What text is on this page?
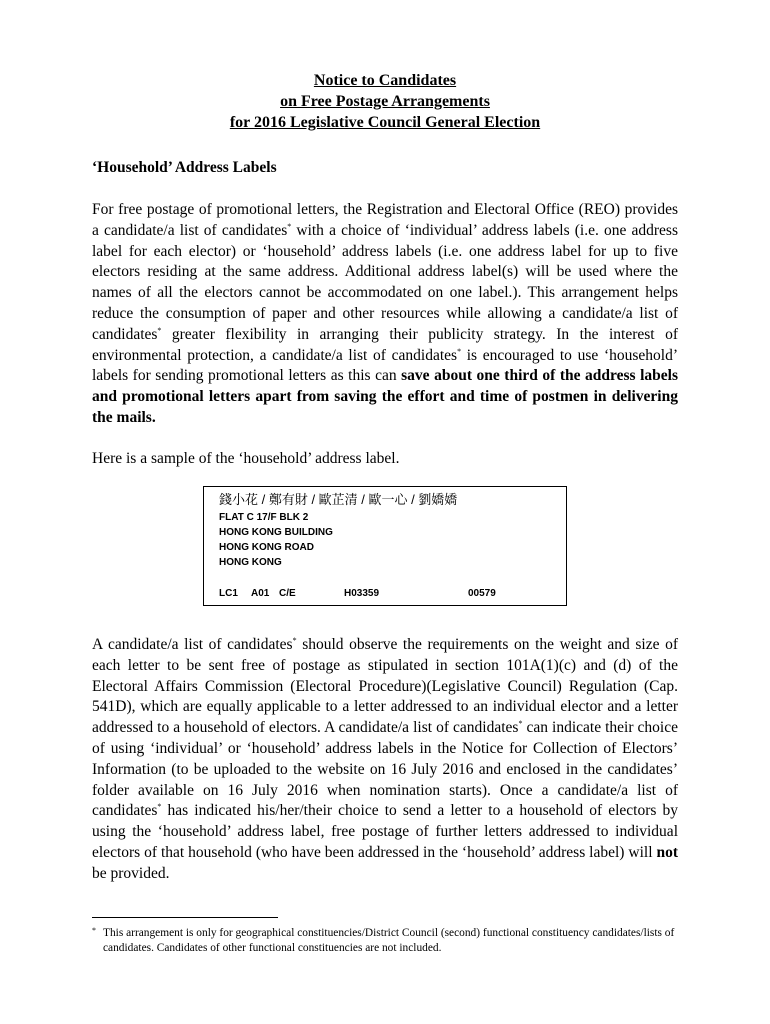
Notice to Candidates
on Free Postage Arrangements
for 2016 Legislative Council General Election
‘Household’ Address Labels

For free postage of promotional letters, the Registration and Electoral Office (REO) provides a candidate/a list of candidates* with a choice of ‘individual’ address labels (i.e. one address label for each elector) or ‘household’ address labels (i.e. one address label for up to five electors residing at the same address. Additional address label(s) will be used where the names of all the electors cannot be accommodated on one label.). This arrangement helps reduce the consumption of paper and other resources while allowing a candidate/a list of candidates* greater flexibility in arranging their publicity strategy. In the interest of environmental protection, a candidate/a list of candidates* is encouraged to use ‘household’ labels for sending promotional letters as this can save about one third of the address labels and promotional letters apart from saving the effort and time of postmen in delivering the mails.

Here is a sample of the ‘household’ address label.

錢小花 / 鄭有財 / 歐芷清 / 歐一心 / 劉嬌嬌
FLAT C 17/F BLK 2
HONG KONG BUILDING
HONG KONG ROAD
HONG KONG
LC1 A01 C/E	H03359	00579

A candidate/a list of candidates* should observe the requirements on the weight and size of each letter to be sent free of postage as stipulated in section 101A(1)(c) and (d) of the Electoral Affairs Commission (Electoral Procedure)(Legislative Council) Regulation (Cap. 541D), which are equally applicable to a letter addressed to an individual elector and a letter addressed to a household of electors. A candidate/a list of candidates* can indicate their choice of using ‘individual’ or ‘household’ address labels in the Notice for Collection of Electors’ Information (to be uploaded to the website on 16 July 2016 and enclosed in the candidates’ folder available on 16 July 2016 when nomination starts). Once a candidate/a list of candidates* has indicated his/her/their choice to send a letter to a household of electors by using the ‘household’ address label, free postage of further letters addressed to individual electors of that household (who have been addressed in the ‘household’ address label) will not be provided.

* This arrangement is only for geographical constituencies/District Council (second) functional constituency candidates/lists of candidates. Candidates of other functional constituencies are not included.
